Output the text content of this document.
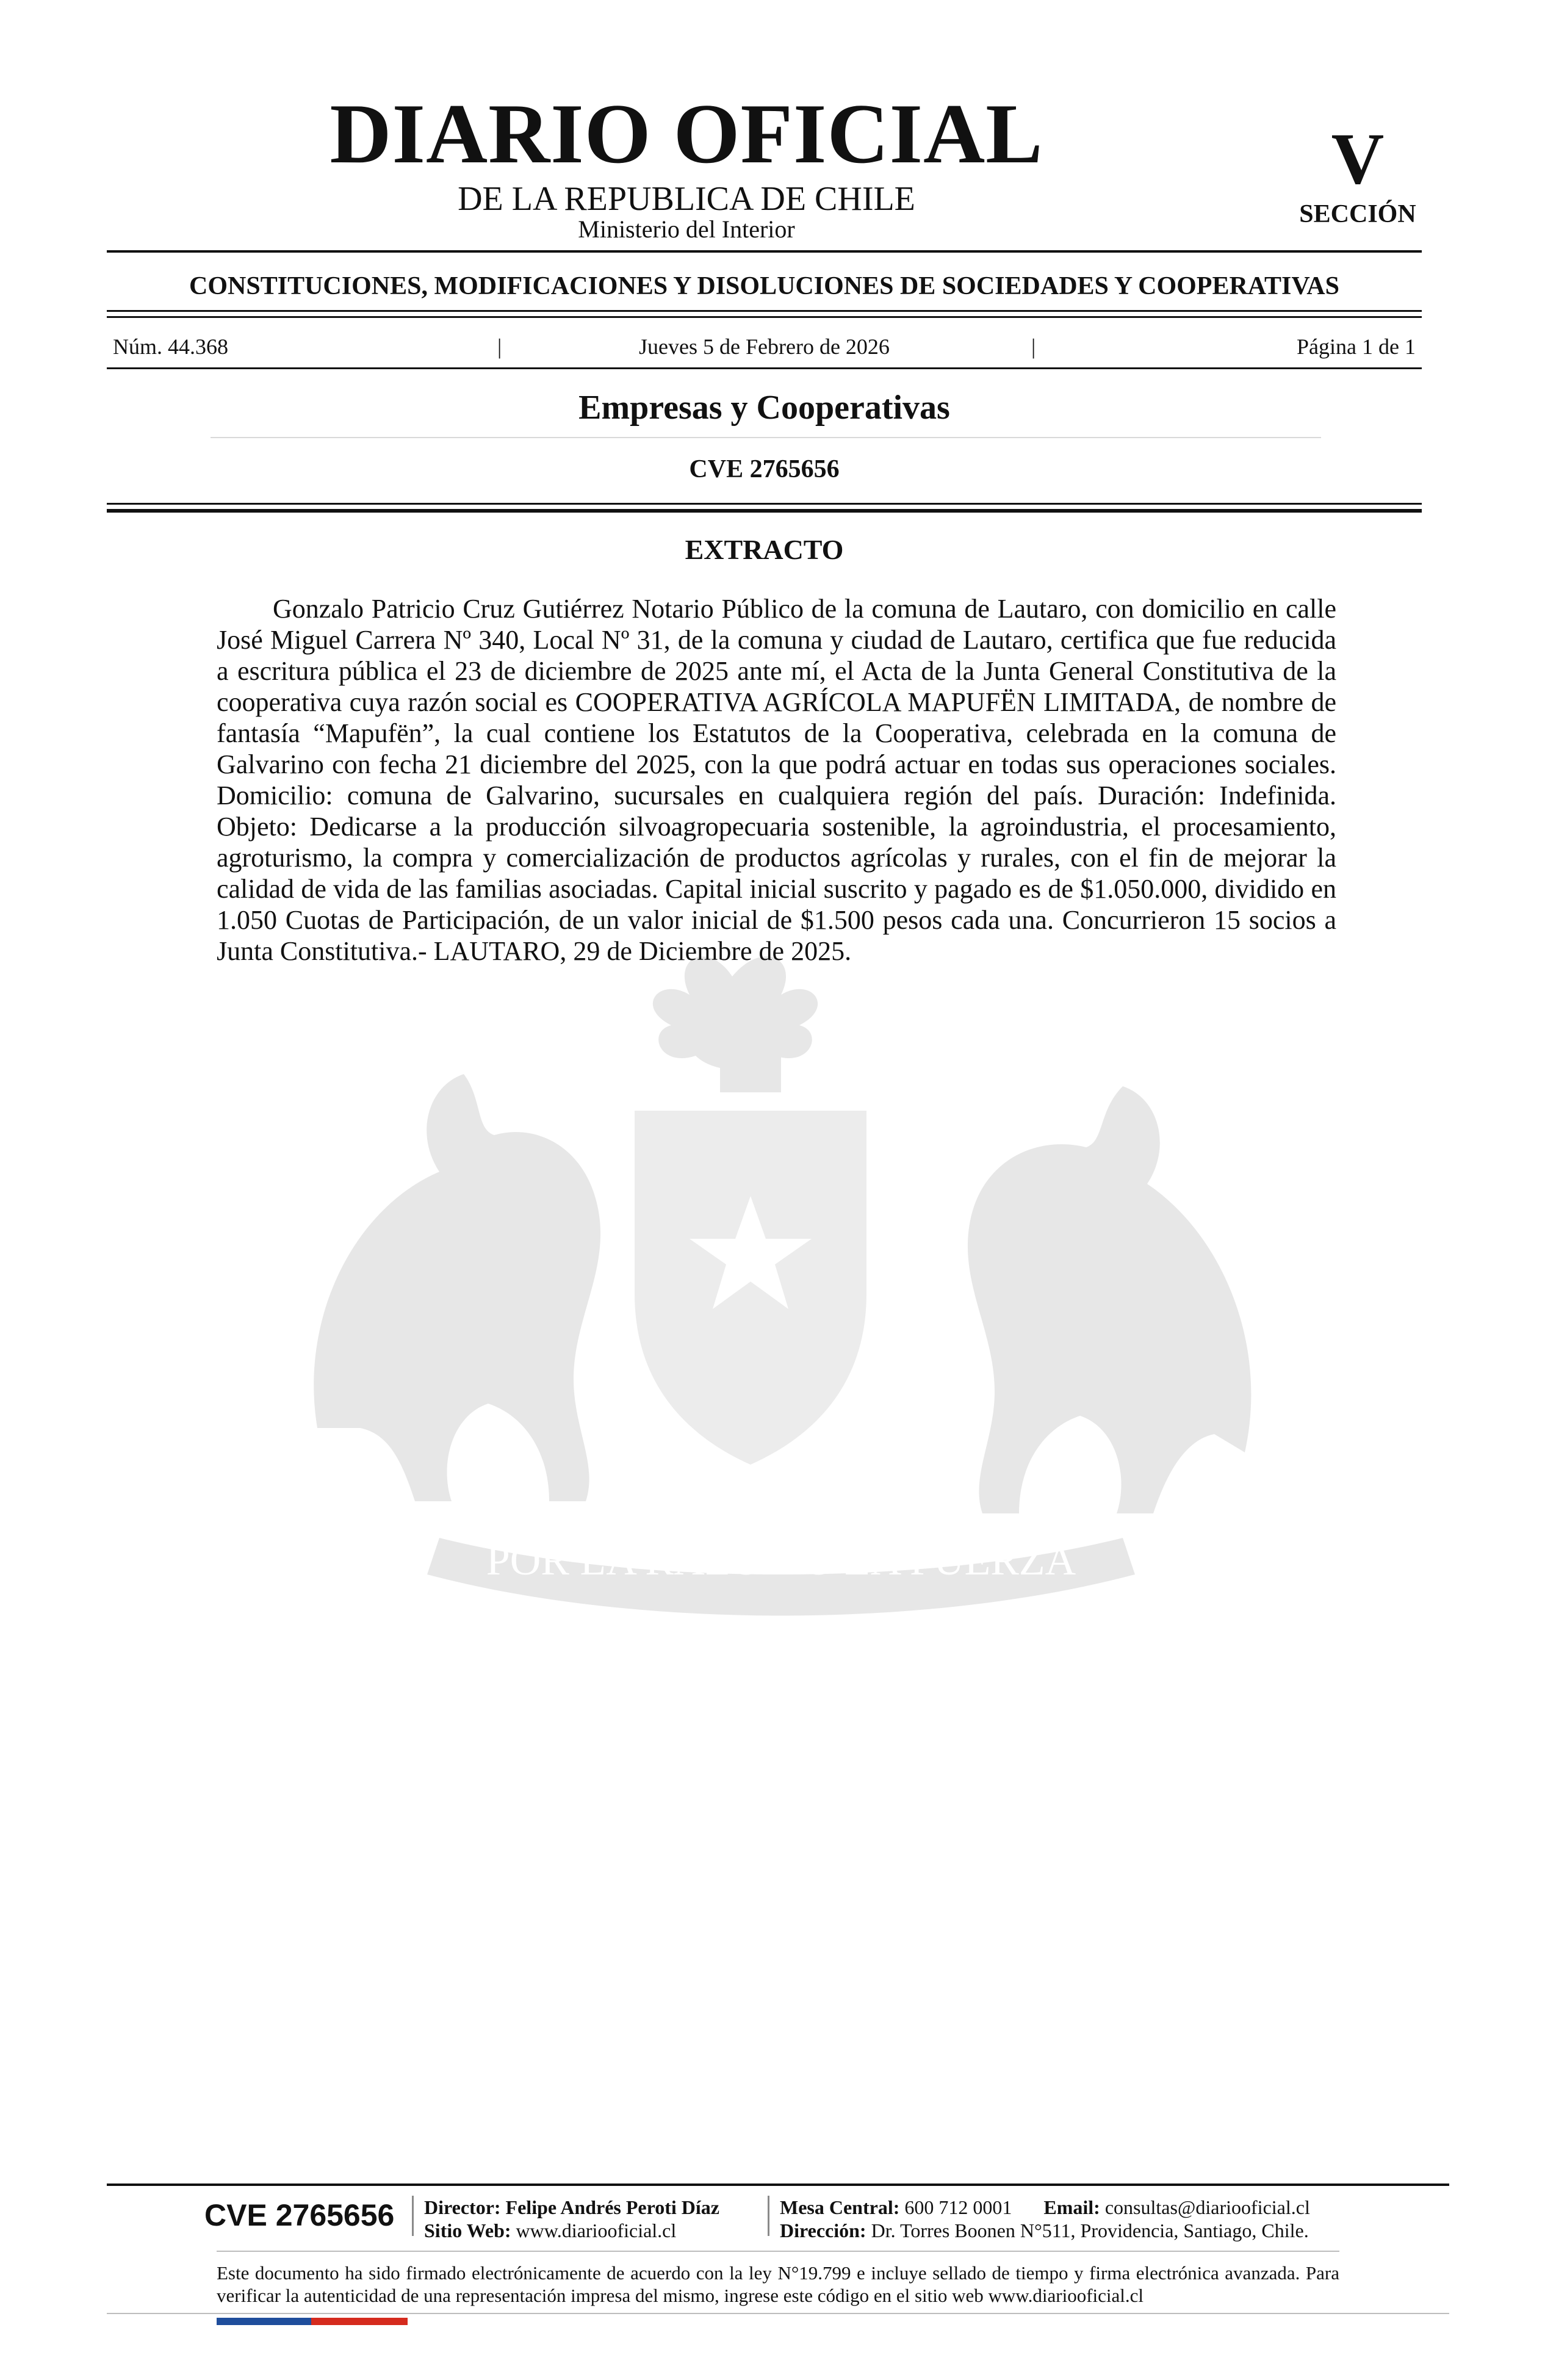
POR LA RAZÓN O LA FUERZA
DIARIO OFICIAL
DE LA REPUBLICA DE CHILE
Ministerio del Interior
V
SECCIÓN
CONSTITUCIONES, MODIFICACIONES Y DISOLUCIONES DE SOCIEDADES Y COOPERATIVAS
Núm. 44.368	|	Jueves 5 de Febrero de 2026	|	Página 1 de 1
Empresas y Cooperativas
CVE 2765656
EXTRACTO

Gonzalo Patricio Cruz Gutiérrez Notario Público de la comuna de Lautaro, con domicilio en calle José Miguel Carrera Nº 340, Local Nº 31, de la comuna y ciudad de Lautaro, certifica que fue reducida a escritura pública el 23 de diciembre de 2025 ante mí, el Acta de la Junta General Constitutiva de la cooperativa cuya razón social es COOPERATIVA AGRÍCOLA MAPUFËN LIMITADA, de nombre de fantasía “Mapufën”, la cual contiene los Estatutos de la Cooperativa, celebrada en la comuna de Galvarino con fecha 21 diciembre del 2025, con la que podrá actuar en todas sus operaciones sociales. Domicilio: comuna de Galvarino, sucursales en cualquiera región del país. Duración: Indefinida. Objeto: Dedicarse a la producción silvoagropecuaria sostenible, la agroindustria, el procesamiento, agroturismo, la compra y comercialización de productos agrícolas y rurales, con el fin de mejorar la calidad de vida de las familias asociadas. Capital inicial suscrito y pagado es de $1.050.000, dividido en 1.050 Cuotas de Participación, de un valor inicial de $1.500 pesos cada una. Concurrieron 15 socios a Junta Constitutiva.- LAUTARO, 29 de Diciembre de 2025.

CVE 2765656	Director: Felipe Andrés Peroti Díaz
Sitio Web: www.diariooficial.cl
Mesa Central: 600 712 0001 Email: consultas@diariooficial.cl
Dirección: Dr. Torres Boonen N°511, Providencia, Santiago, Chile.

Este documento ha sido firmado electrónicamente de acuerdo con la ley N°19.799 e incluye sellado de tiempo y firma electrónica avanzada. Para verificar la autenticidad de una representación impresa del mismo, ingrese este código en el sitio web www.diariooficial.cl
